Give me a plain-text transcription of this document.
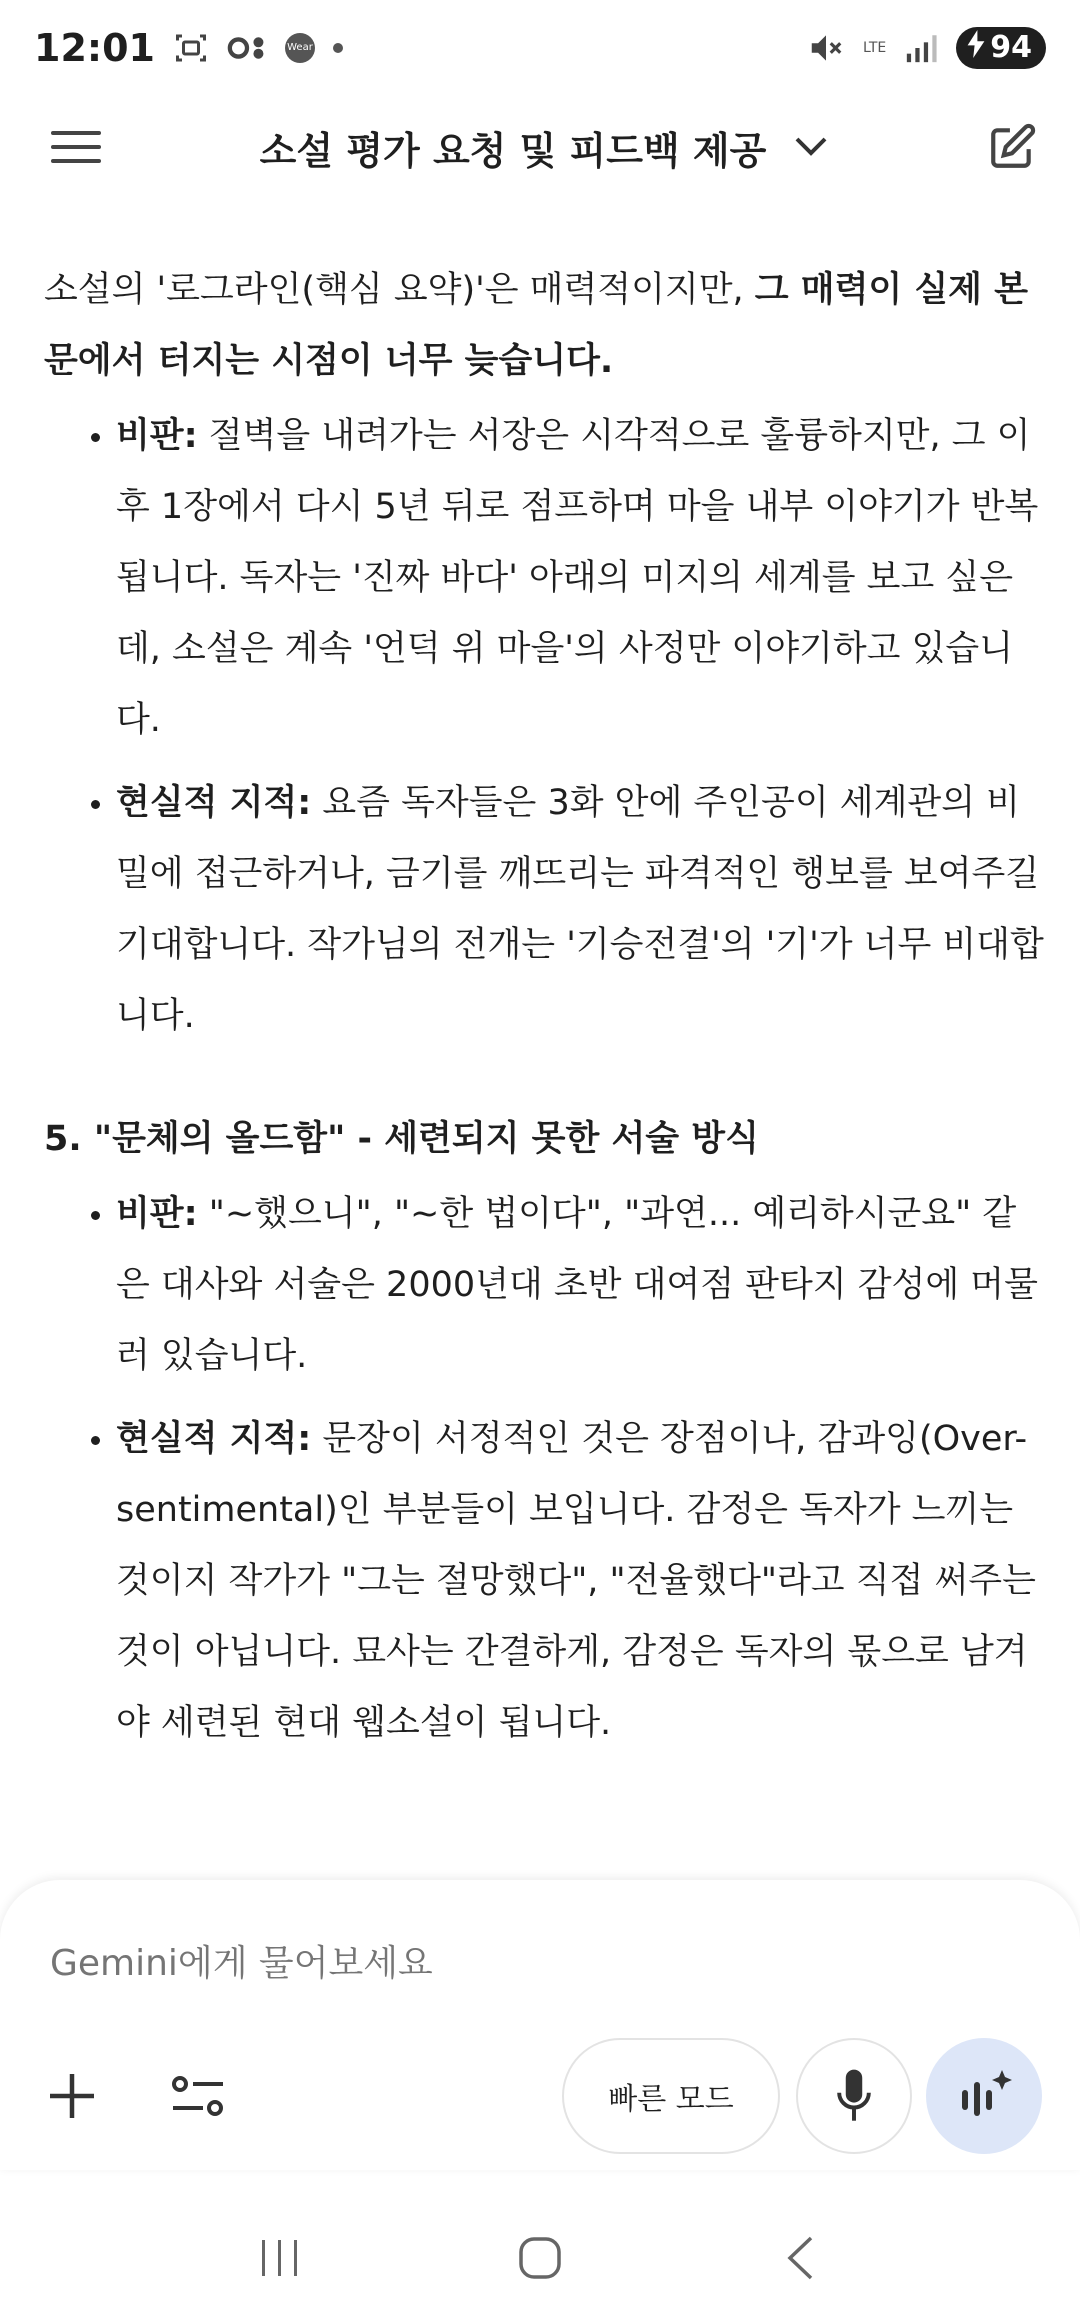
12:01	Wear	LTE	94
소설 평가 요청 및 피드백 제공

소설의 '로그라인(핵심 요약)'은 매력적이지만, 그 매력이 실제 본문에서 터지는 시점이 너무 늦습니다.

• 비판: 절벽을 내려가는 서장은 시각적으로 훌륭하지만, 그 이후 1장에서 다시 5년 뒤로 점프하며 마을 내부 이야기가 반복됩니다. 독자는 '진짜 바다' 아래의 미지의 세계를 보고 싶은데, 소설은 계속 '언덕 위 마을'의 사정만 이야기하고 있습니다.
• 현실적 지적: 요즘 독자들은 3화 안에 주인공이 세계관의 비밀에 접근하거나, 금기를 깨뜨리는 파격적인 행보를 보여주길 기대합니다. 작가님의 전개는 '기승전결'의 '기'가 너무 비대합니다.

5. "문체의 올드함" - 세련되지 못한 서술 방식

• 비판: "~했으니", "~한 법이다", "과연... 예리하시군요" 같은 대사와 서술은 2000년대 초반 대여점 판타지 감성에 머물러 있습니다.
• 현실적 지적: 문장이 서정적인 것은 장점이나, 감과잉(Over-sentimental)인 부분들이 보입니다. 감정은 독자가 느끼는 것이지 작가가 "그는 절망했다", "전율했다"라고 직접 써주는 것이 아닙니다. 묘사는 간결하게, 감정은 독자의 몫으로 남겨야 세련된 현대 웹소설이 됩니다.
Gemini에게 물어보세요
빠른 모드
